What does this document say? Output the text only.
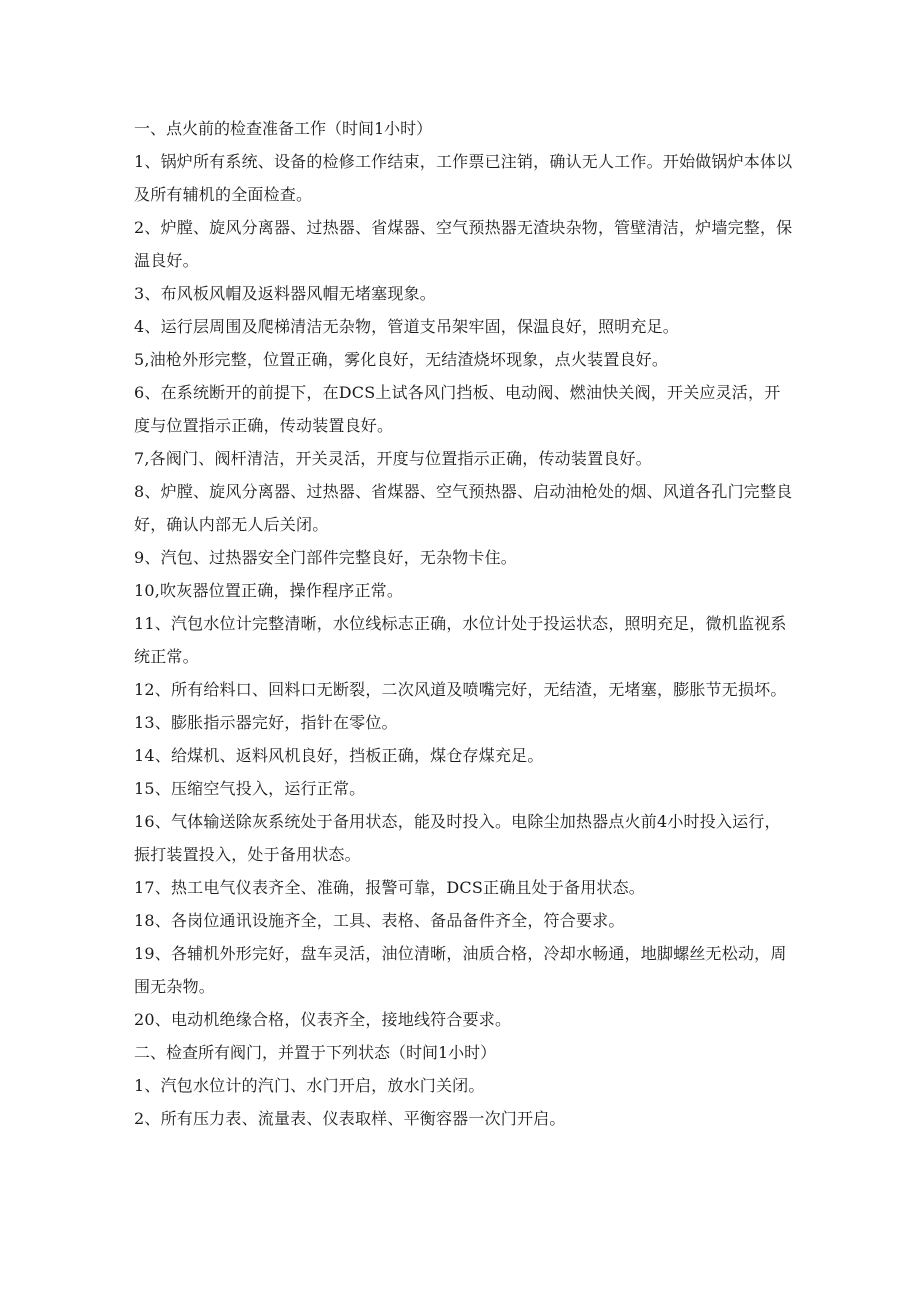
一、点火前的检查准备工作（时间1小时）

1、锅炉所有系统、设备的检修工作结束，工作票已注销，确认无人工作。开始做锅炉本体以及所有辅机的全面检查。

2、炉膛、旋风分离器、过热器、省煤器、空气预热器无渣块杂物，管壁清洁，炉墙完整，保温良好。

3、布风板风帽及返料器风帽无堵塞现象。

4、运行层周围及爬梯清洁无杂物，管道支吊架牢固，保温良好，照明充足。

5,油枪外形完整，位置正确，雾化良好，无结渣烧坏现象，点火装置良好。

6、在系统断开的前提下，在DCS上试各风门挡板、电动阀、燃油快关阀，开关应灵活，开度与位置指示正确，传动装置良好。

7,各阀门、阀杆清洁，开关灵活，开度与位置指示正确，传动装置良好。

8、炉膛、旋风分离器、过热器、省煤器、空气预热器、启动油枪处的烟、风道各孔门完整良好，确认内部无人后关闭。

9、汽包、过热器安全门部件完整良好，无杂物卡住。

10,吹灰器位置正确，操作程序正常。

11、汽包水位计完整清晰，水位线标志正确，水位计处于投运状态，照明充足，微机监视系统正常。

12、所有给料口、回料口无断裂，二次风道及喷嘴完好，无结渣，无堵塞，膨胀节无损坏。

13、膨胀指示器完好，指针在零位。

14、给煤机、返料风机良好，挡板正确，煤仓存煤充足。

15、压缩空气投入，运行正常。

16、气体输送除灰系统处于备用状态，能及时投入。电除尘加热器点火前4小时投入运行，振打装置投入，处于备用状态。

17、热工电气仪表齐全、准确，报警可靠，DCS正确且处于备用状态。

18、各岗位通讯设施齐全，工具、表格、备品备件齐全，符合要求。

19、各辅机外形完好，盘车灵活，油位清晰，油质合格，冷却水畅通，地脚螺丝无松动，周围无杂物。

20、电动机绝缘合格，仪表齐全，接地线符合要求。

二、检查所有阀门，并置于下列状态（时间1小时）

1、汽包水位计的汽门、水门开启，放水门关闭。

2、所有压力表、流量表、仪表取样、平衡容器一次门开启。
